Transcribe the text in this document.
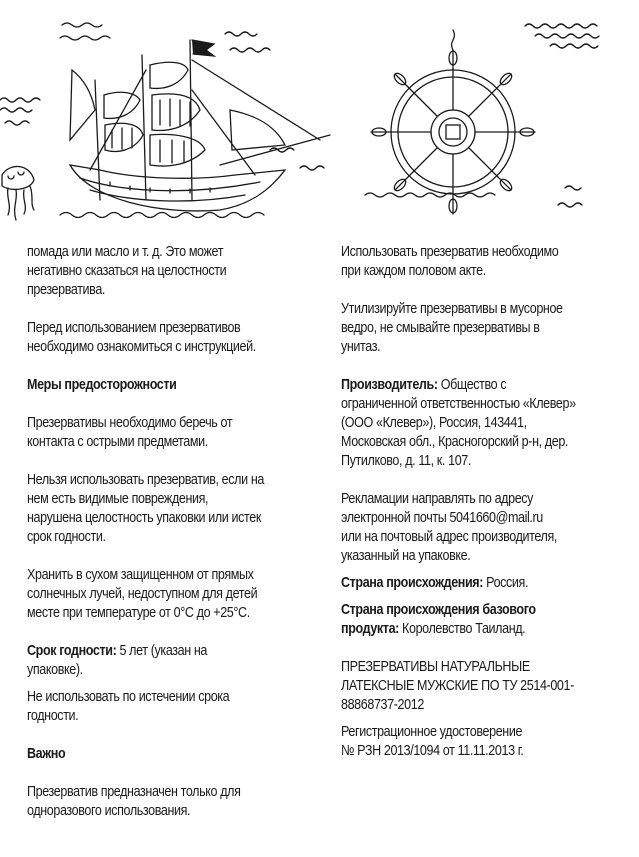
помада или масло и т. д. Это может
негативно сказаться на целостности
презерватива.

Перед использованием презервативов
необходимо ознакомиться с инструкцией.

Меры предосторожности

Презервативы необходимо беречь от
контакта с острыми предметами.

Нельзя использовать презерватив, если на
нем есть видимые повреждения,
нарушена целостность упаковки или истек
срок годности.

Хранить в сухом защищенном от прямых
солнечных лучей, недоступном для детей
месте при температуре от 0°С до +25°С.

Срок годности: 5 лет (указан на
упаковке).

Не использовать по истечении срока
годности.

Важно

Презерватив предназначен только для
одноразового использования.

Использовать презерватив необходимо
при каждом половом акте.

Утилизируйте презервативы в мусорное
ведро, не смывайте презервативы в
унитаз.

Производитель: Общество с
ограниченной ответственностью «Клевер»
(ООО «Клевер»), Россия, 143441,
Московская обл., Красногорский р-н, дер.
Путилково, д. 11, к. 107.

Рекламации направлять по адресу
электронной почты 5041660@mail.ru
или на почтовый адрес производителя,
указанный на упаковке.

Страна происхождения: Россия.

Страна происхождения базового
продукта: Королевство Таиланд.

ПРЕЗЕРВАТИВЫ НАТУРАЛЬНЫЕ
ЛАТЕКСНЫЕ МУЖСКИЕ ПО ТУ 2514-001-
88868737-2012

Регистрационное удостоверение
№ РЗН 2013/1094 от 11.11.2013 г.
